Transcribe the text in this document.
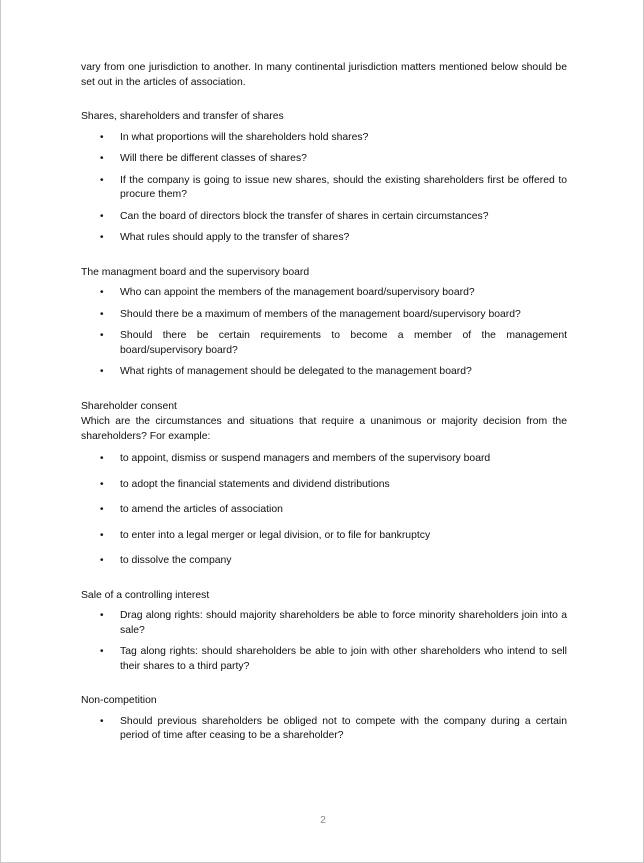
vary from one jurisdiction to another. In many continental jurisdiction matters mentioned below should be set out in the articles of association.

Shares, shareholders and transfer of shares

• In what proportions will the shareholders hold shares?
• Will there be different classes of shares?
• If the company is going to issue new shares, should the existing shareholders first be offered to procure them?
• Can the board of directors block the transfer of shares in certain circumstances?
• What rules should apply to the transfer of shares?

The managment board and the supervisory board

• Who can appoint the members of the management board/supervisory board?
• Should there be a maximum of members of the management board/supervisory board?
• Should there be certain requirements to become a member of the management board/supervisory board?
• What rights of management should be delegated to the management board?

Shareholder consent

Which are the circumstances and situations that require a unanimous or majority decision from the shareholders? For example:

• to appoint, dismiss or suspend managers and members of the supervisory board
• to adopt the financial statements and dividend distributions
• to amend the articles of association
• to enter into a legal merger or legal division, or to file for bankruptcy
• to dissolve the company

Sale of a controlling interest

• Drag along rights: should majority shareholders be able to force minority shareholders join into a sale?
• Tag along rights: should shareholders be able to join with other shareholders who intend to sell their shares to a third party?

Non-competition

• Should previous shareholders be obliged not to compete with the company during a certain period of time after ceasing to be a shareholder?
2
